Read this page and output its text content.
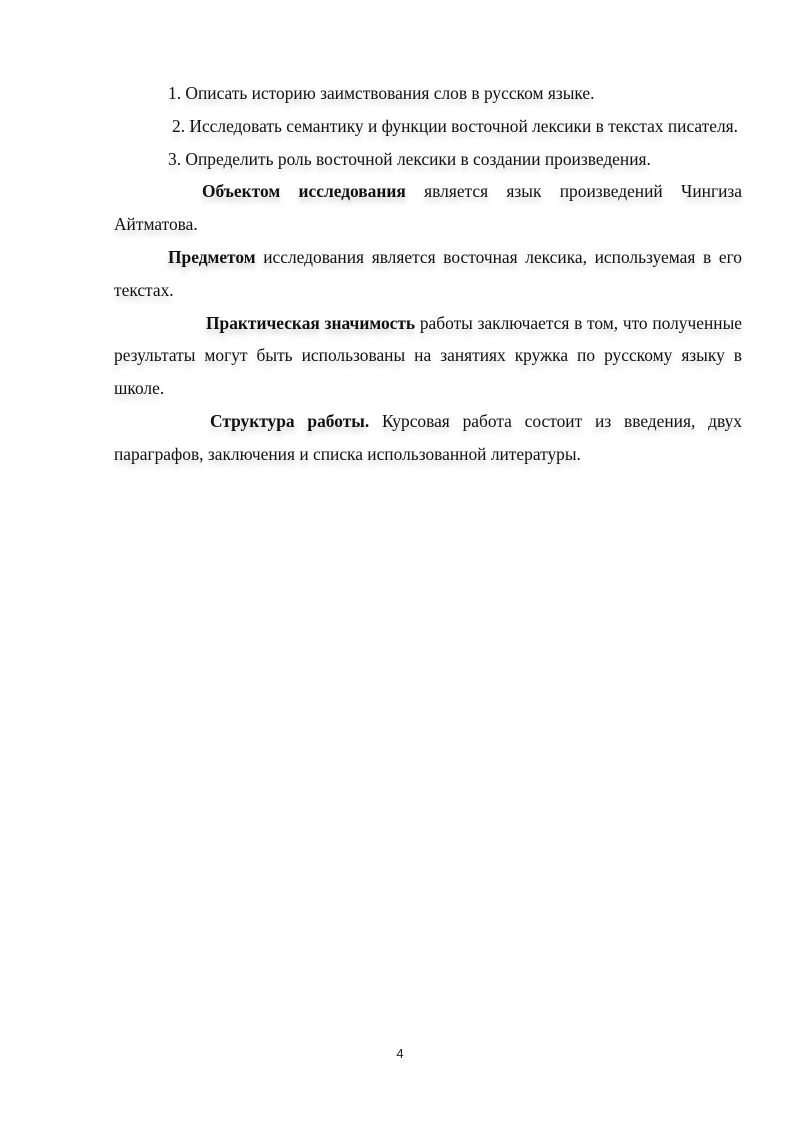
1. Описать историю заимствования слов в русском языке.

2. Исследовать семантику и функции восточной лексики в текстах писателя.

3. Определить роль восточной лексики в создании произведения.

Объектом исследования является язык произведений Чингиза Айтматова.

Предметом исследования является восточная лексика, используемая в его текстах.

Практическая значимость работы заключается в том, что полученные результаты могут быть использованы на занятиях кружка по русскому языку в школе.

Структура работы. Курсовая работа состоит из введения, двух параграфов, заключения и списка использованной литературы.

4
